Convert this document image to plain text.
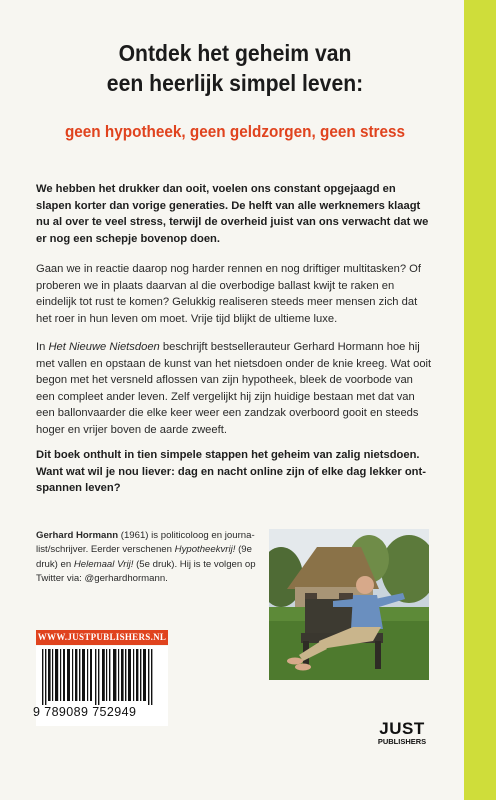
Ontdek het geheim van
een heerlijk simpel leven:
geen hypotheek, geen geldzorgen, geen stress

We hebben het drukker dan ooit, voelen ons constant opgejaagd en slapen korter dan vorige generaties. De helft van alle werknemers klaagt nu al over te veel stress, terwijl de overheid juist van ons verwacht dat we er nog een schepje bovenop doen.

Gaan we in reactie daarop nog harder rennen en nog driftiger multitasken? Of proberen we in plaats daarvan al die overbodige ballast kwijt te raken en eindelijk tot rust te komen? Gelukkig realiseren steeds meer mensen zich dat het roer in hun leven om moet. Vrije tijd blijkt de ultieme luxe.

In Het Nieuwe Nietsdoen beschrijft bestsellerauteur Gerhard Hormann hoe hij met vallen en opstaan de kunst van het nietsdoen onder de knie kreeg. Wat ooit begon met het versneld aflossen van zijn hypotheek, bleek de voorbode van een compleet ander leven. Zelf vergelijkt hij zijn huidige bestaan met dat van een ballonvaarder die elke keer weer een zandzak overboord gooit en steeds hoger en vrijer boven de aarde zweeft.

Dit boek onthult in tien simpele stappen het geheim van zalig nietsdoen. Want wat wil je nou liever: dag en nacht online zijn of elke dag lekker ont-spannen leven?

Gerhard Hormann (1961) is politicoloog en journa-list/schrijver. Eerder verschenen Hypotheekvrij! (9e druk) en Helemaal Vrij! (5e druk). Hij is te volgen op Twitter via: @gerhardhormann.

WWW.JUSTPUBLISHERS.NL
9 789089 752949
JUST
PUBLISHERS
